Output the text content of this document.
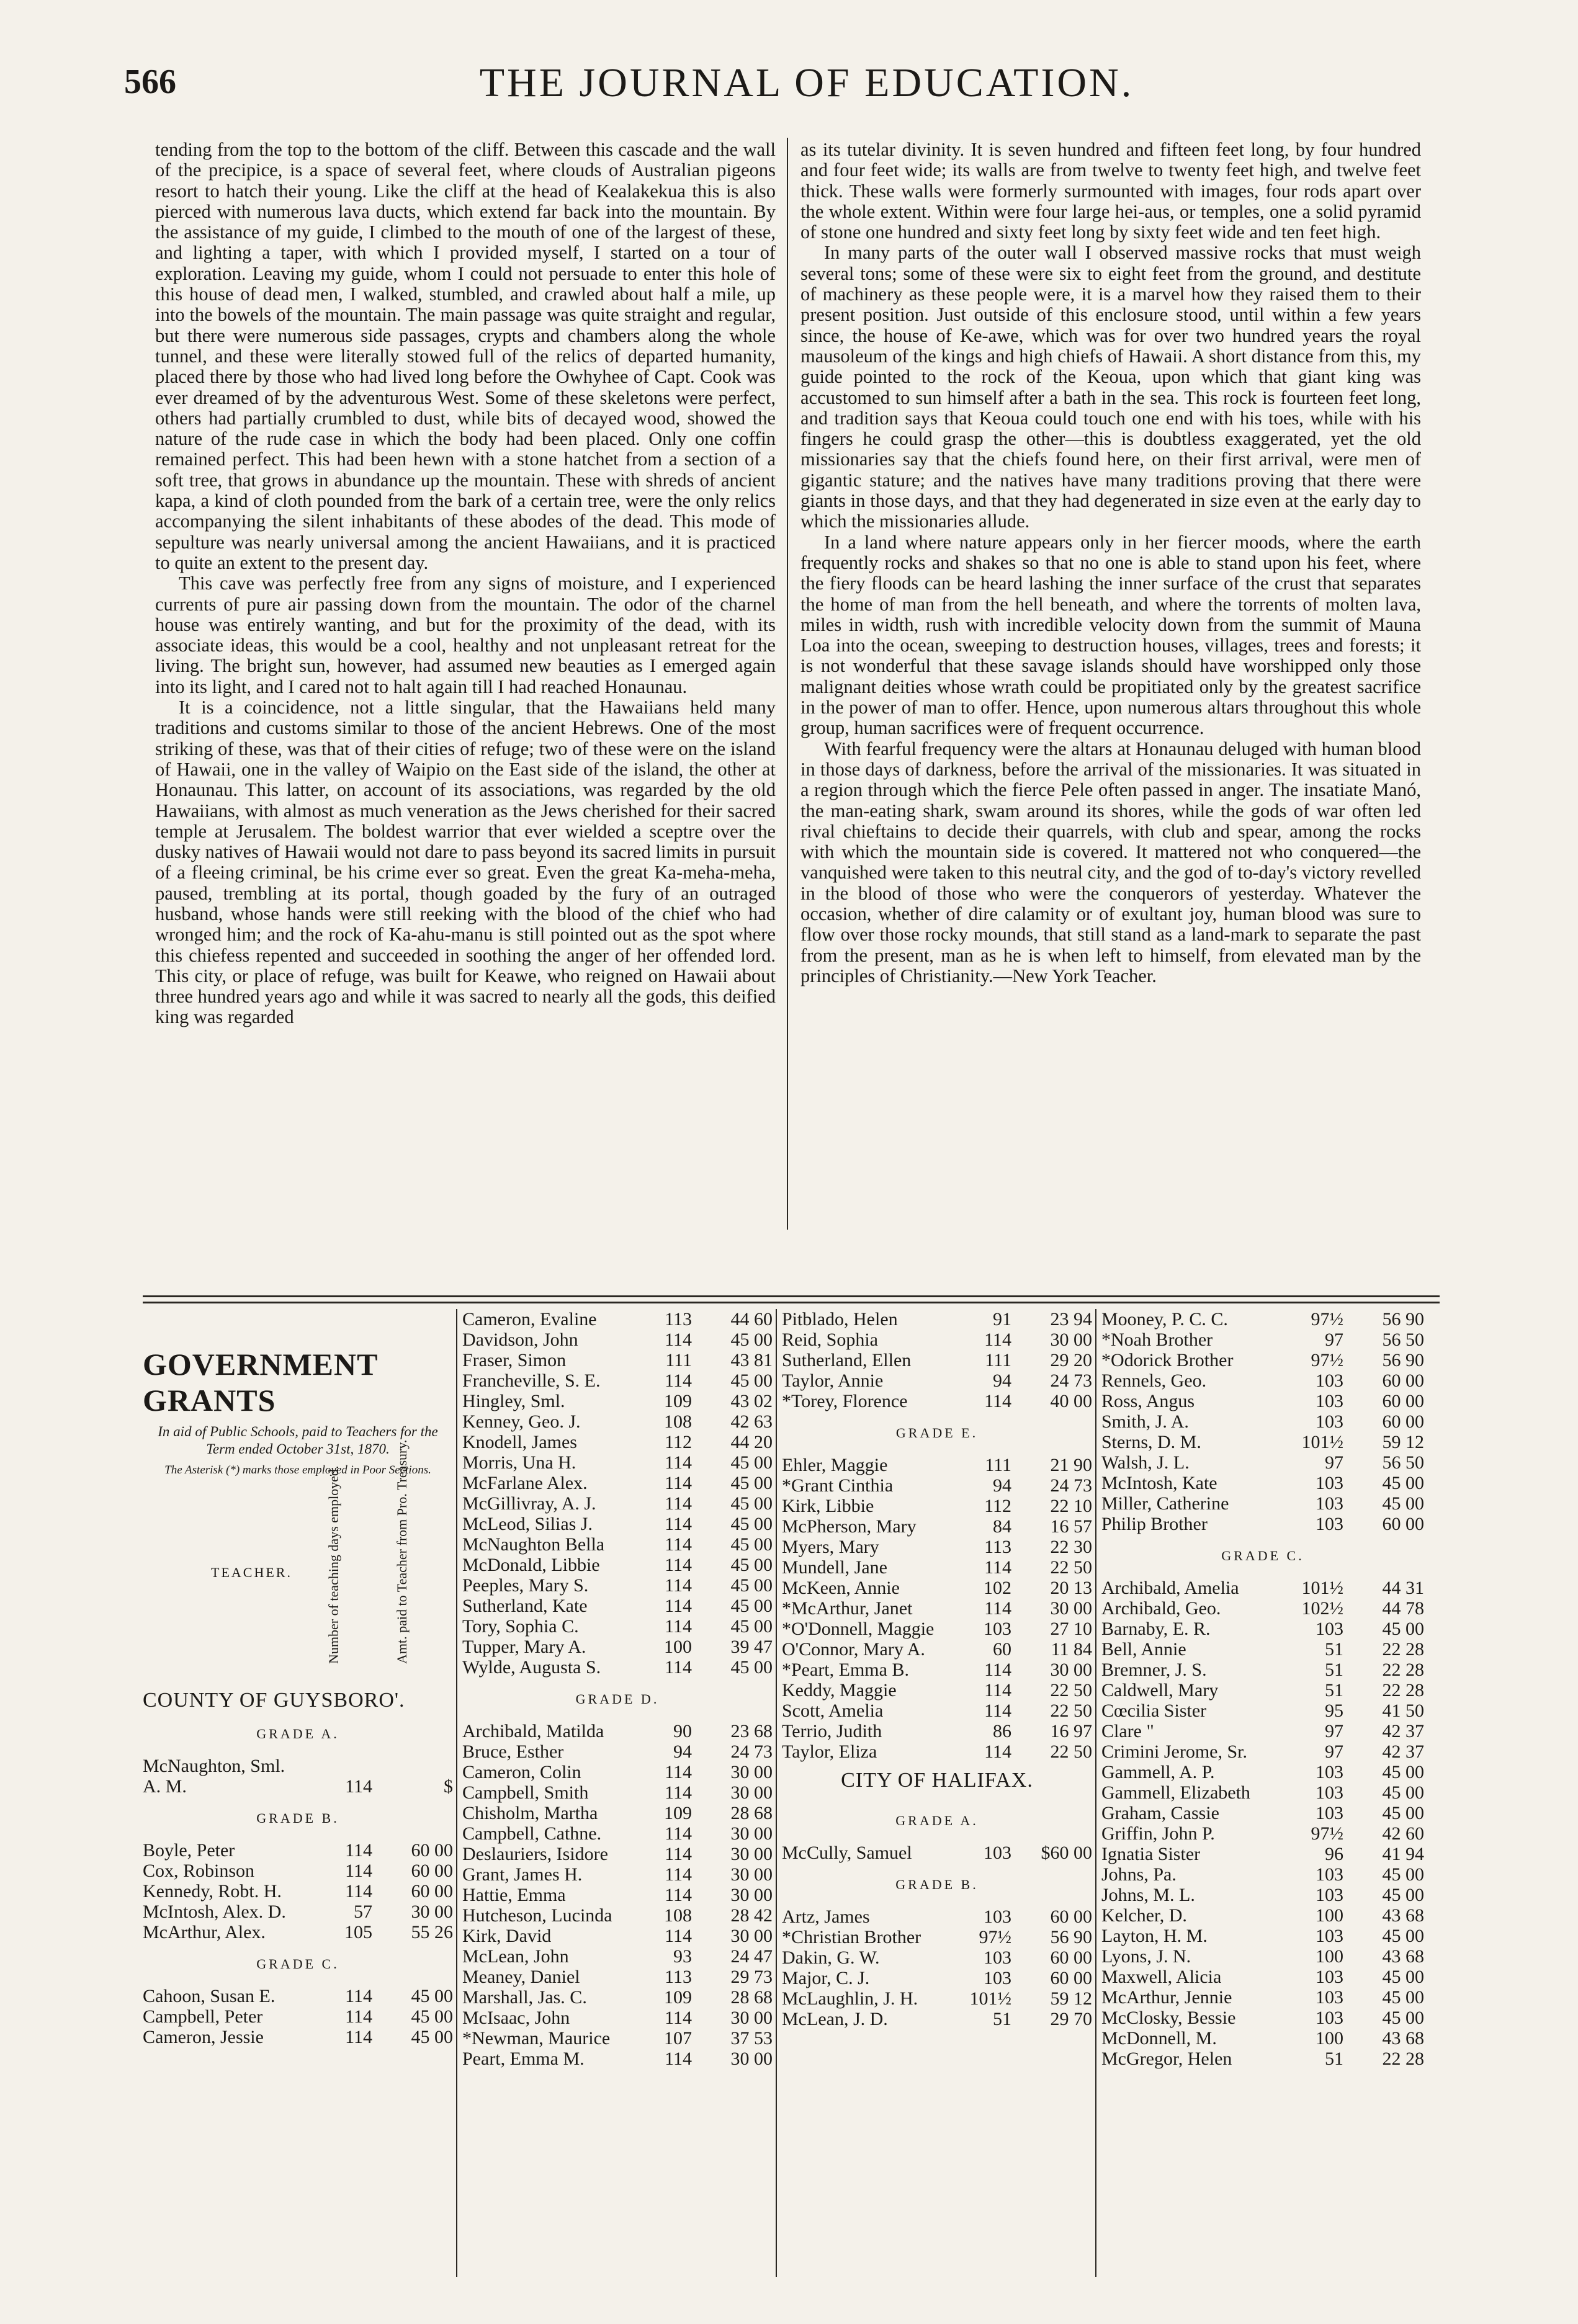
566	THE JOURNAL OF EDUCATION.

tending from the top to the bottom of the cliff. Between this cascade and the wall of the precipice, is a space of several feet, where clouds of Australian pigeons resort to hatch their young. Like the cliff at the head of Kealakekua this is also pierced with numerous lava ducts, which extend far back into the mountain. By the assistance of my guide, I climbed to the mouth of one of the largest of these, and lighting a taper, with which I provided myself, I started on a tour of exploration. Leaving my guide, whom I could not persuade to enter this hole of this house of dead men, I walked, stumbled, and crawled about half a mile, up into the bowels of the mountain. The main passage was quite straight and regular, but there were numerous side passages, crypts and chambers along the whole tunnel, and these were literally stowed full of the relics of departed humanity, placed there by those who had lived long before the Owhyhee of Capt. Cook was ever dreamed of by the adventurous West. Some of these skeletons were perfect, others had partially crumbled to dust, while bits of decayed wood, showed the nature of the rude case in which the body had been placed. Only one coffin remained perfect. This had been hewn with a stone hatchet from a section of a soft tree, that grows in abundance up the mountain. These with shreds of ancient kapa, a kind of cloth pounded from the bark of a certain tree, were the only relics accompanying the silent inhabitants of these abodes of the dead. This mode of sepulture was nearly universal among the ancient Hawaiians, and it is practiced to quite an extent to the present day.

This cave was perfectly free from any signs of moisture, and I experienced currents of pure air passing down from the mountain. The odor of the charnel house was entirely wanting, and but for the proximity of the dead, with its associate ideas, this would be a cool, healthy and not unpleasant retreat for the living. The bright sun, however, had assumed new beauties as I emerged again into its light, and I cared not to halt again till I had reached Honaunau.

It is a coincidence, not a little singular, that the Hawaiians held many traditions and customs similar to those of the ancient Hebrews. One of the most striking of these, was that of their cities of refuge; two of these were on the island of Hawaii, one in the valley of Waipio on the East side of the island, the other at Honaunau. This latter, on account of its associations, was regarded by the old Hawaiians, with almost as much veneration as the Jews cherished for their sacred temple at Jerusalem. The boldest warrior that ever wielded a sceptre over the dusky natives of Hawaii would not dare to pass beyond its sacred limits in pursuit of a fleeing criminal, be his crime ever so great. Even the great Ka-meha-meha, paused, trembling at its portal, though goaded by the fury of an outraged husband, whose hands were still reeking with the blood of the chief who had wronged him; and the rock of Ka-ahu-manu is still pointed out as the spot where this chiefess repented and succeeded in soothing the anger of her offended lord. This city, or place of refuge, was built for Keawe, who reigned on Hawaii about three hundred years ago and while it was sacred to nearly all the gods, this deified king was regarded

as its tutelar divinity. It is seven hundred and fifteen feet long, by four hundred and four feet wide; its walls are from twelve to twenty feet high, and twelve feet thick. These walls were formerly surmounted with images, four rods apart over the whole extent. Within were four large hei-aus, or temples, one a solid pyramid of stone one hundred and sixty feet long by sixty feet wide and ten feet high.

In many parts of the outer wall I observed massive rocks that must weigh several tons; some of these were six to eight feet from the ground, and destitute of machinery as these people were, it is a marvel how they raised them to their present position. Just outside of this enclosure stood, until within a few years since, the house of Ke-awe, which was for over two hundred years the royal mausoleum of the kings and high chiefs of Hawaii. A short distance from this, my guide pointed to the rock of the Keoua, upon which that giant king was accustomed to sun himself after a bath in the sea. This rock is fourteen feet long, and tradition says that Keoua could touch one end with his toes, while with his fingers he could grasp the other—this is doubtless exaggerated, yet the old missionaries say that the chiefs found here, on their first arrival, were men of gigantic stature; and the natives have many traditions proving that there were giants in those days, and that they had degenerated in size even at the early day to which the missionaries allude.

In a land where nature appears only in her fiercer moods, where the earth frequently rocks and shakes so that no one is able to stand upon his feet, where the fiery floods can be heard lashing the inner surface of the crust that separates the home of man from the hell beneath, and where the torrents of molten lava, miles in width, rush with incredible velocity down from the summit of Mauna Loa into the ocean, sweeping to destruction houses, villages, trees and forests; it is not wonderful that these savage islands should have worshipped only those malignant deities whose wrath could be propitiated only by the greatest sacrifice in the power of man to offer. Hence, upon numerous altars throughout this whole group, human sacrifices were of frequent occurrence.

With fearful frequency were the altars at Honaunau deluged with human blood in those days of darkness, before the arrival of the missionaries. It was situated in a region through which the fierce Pele often passed in anger. The insatiate Manó, the man-eating shark, swam around its shores, while the gods of war often led rival chieftains to decide their quarrels, with club and spear, among the rocks with which the mountain side is covered. It mattered not who conquered—the vanquished were taken to this neutral city, and the god of to-day's victory revelled in the blood of those who were the conquerors of yesterday. Whatever the occasion, whether of dire calamity or of exultant joy, human blood was sure to flow over those rocky mounds, that still stand as a land-mark to separate the past from the present, man as he is when left to himself, from elevated man by the principles of Christianity.—New York Teacher.

GOVERNMENT GRANTS
In aid of Public Schools, paid to Teachers for the Term ended October 31st, 1870.
The Asterisk (*) marks those employed in Poor Sections.
TEACHER. Number of teaching days employed.	Amt. paid to Teacher from Pro. Treasury.
COUNTY OF GUYSBORO'.
GRADE A.
McNaughton, Sml.
A. M.	114	$
GRADE B.
Boyle, Peter	114	60 00
Cox, Robinson	114	60 00
Kennedy, Robt. H.	114	60 00
McIntosh, Alex. D.	57	30 00
McArthur, Alex.	105	55 26
GRADE C.
Cahoon, Susan E.	114	45 00
Campbell, Peter	114	45 00
Cameron, Jessie	114	45 00
Cameron, Evaline	113	44 60
Davidson, John	114	45 00
Fraser, Simon	111	43 81
Francheville, S. E.	114	45 00
Hingley, Sml.	109	43 02
Kenney, Geo. J.	108	42 63
Knodell, James	112	44 20
Morris, Una H.	114	45 00
McFarlane Alex.	114	45 00
McGillivray, A. J.	114	45 00
McLeod, Silias J.	114	45 00
McNaughton Bella	114	45 00
McDonald, Libbie	114	45 00
Peeples, Mary S.	114	45 00
Sutherland, Kate	114	45 00
Tory, Sophia C.	114	45 00
Tupper, Mary A.	100	39 47
Wylde, Augusta S.	114	45 00
GRADE D.
Archibald, Matilda	90	23 68
Bruce, Esther	94	24 73
Cameron, Colin	114	30 00
Campbell, Smith	114	30 00
Chisholm, Martha	109	28 68
Campbell, Cathne.	114	30 00
Deslauriers, Isidore	114	30 00
Grant, James H.	114	30 00
Hattie, Emma	114	30 00
Hutcheson, Lucinda	108	28 42
Kirk, David	114	30 00
McLean, John	93	24 47
Meaney, Daniel	113	29 73
Marshall, Jas. C.	109	28 68
McIsaac, John	114	30 00
*Newman, Maurice	107	37 53
Peart, Emma M.	114	30 00
Pitblado, Helen	91	23 94
Reid, Sophia	114	30 00
Sutherland, Ellen	111	29 20
Taylor, Annie	94	24 73
*Torey, Florence	114	40 00
GRADE E.
Ehler, Maggie	111	21 90
*Grant Cinthia	94	24 73
Kirk, Libbie	112	22 10
McPherson, Mary	84	16 57
Myers, Mary	113	22 30
Mundell, Jane	114	22 50
McKeen, Annie	102	20 13
*McArthur, Janet	114	30 00
*O'Donnell, Maggie	103	27 10
O'Connor, Mary A.	60	11 84
*Peart, Emma B.	114	30 00
Keddy, Maggie	114	22 50
Scott, Amelia	114	22 50
Terrio, Judith	86	16 97
Taylor, Eliza	114	22 50
CITY OF HALIFAX.
GRADE A.
McCully, Samuel	103	$60 00
GRADE B.
Artz, James	103	60 00
*Christian Brother	97½	56 90
Dakin, G. W.	103	60 00
Major, C. J.	103	60 00
McLaughlin, J. H.	101½	59 12
McLean, J. D.	51	29 70
Mooney, P. C. C.	97½	56 90
*Noah Brother	97	56 50
*Odorick Brother	97½	56 90
Rennels, Geo.	103	60 00
Ross, Angus	103	60 00
Smith, J. A.	103	60 00
Sterns, D. M.	101½	59 12
Walsh, J. L.	97	56 50
McIntosh, Kate	103	45 00
Miller, Catherine	103	45 00
Philip Brother	103	60 00
GRADE C.
Archibald, Amelia	101½	44 31
Archibald, Geo.	102½	44 78
Barnaby, E. R.	103	45 00
Bell, Annie	51	22 28
Bremner, J. S.	51	22 28
Caldwell, Mary	51	22 28
Cœcilia Sister	95	41 50
Clare "	97	42 37
Crimini Jerome, Sr.	97	42 37
Gammell, A. P.	103	45 00
Gammell, Elizabeth	103	45 00
Graham, Cassie	103	45 00
Griffin, John P.	97½	42 60
Ignatia Sister	96	41 94
Johns, Pa.	103	45 00
Johns, M. L.	103	45 00
Kelcher, D.	100	43 68
Layton, H. M.	103	45 00
Lyons, J. N.	100	43 68
Maxwell, Alicia	103	45 00
McArthur, Jennie	103	45 00
McClosky, Bessie	103	45 00
McDonnell, M.	100	43 68
McGregor, Helen	51	22 28
